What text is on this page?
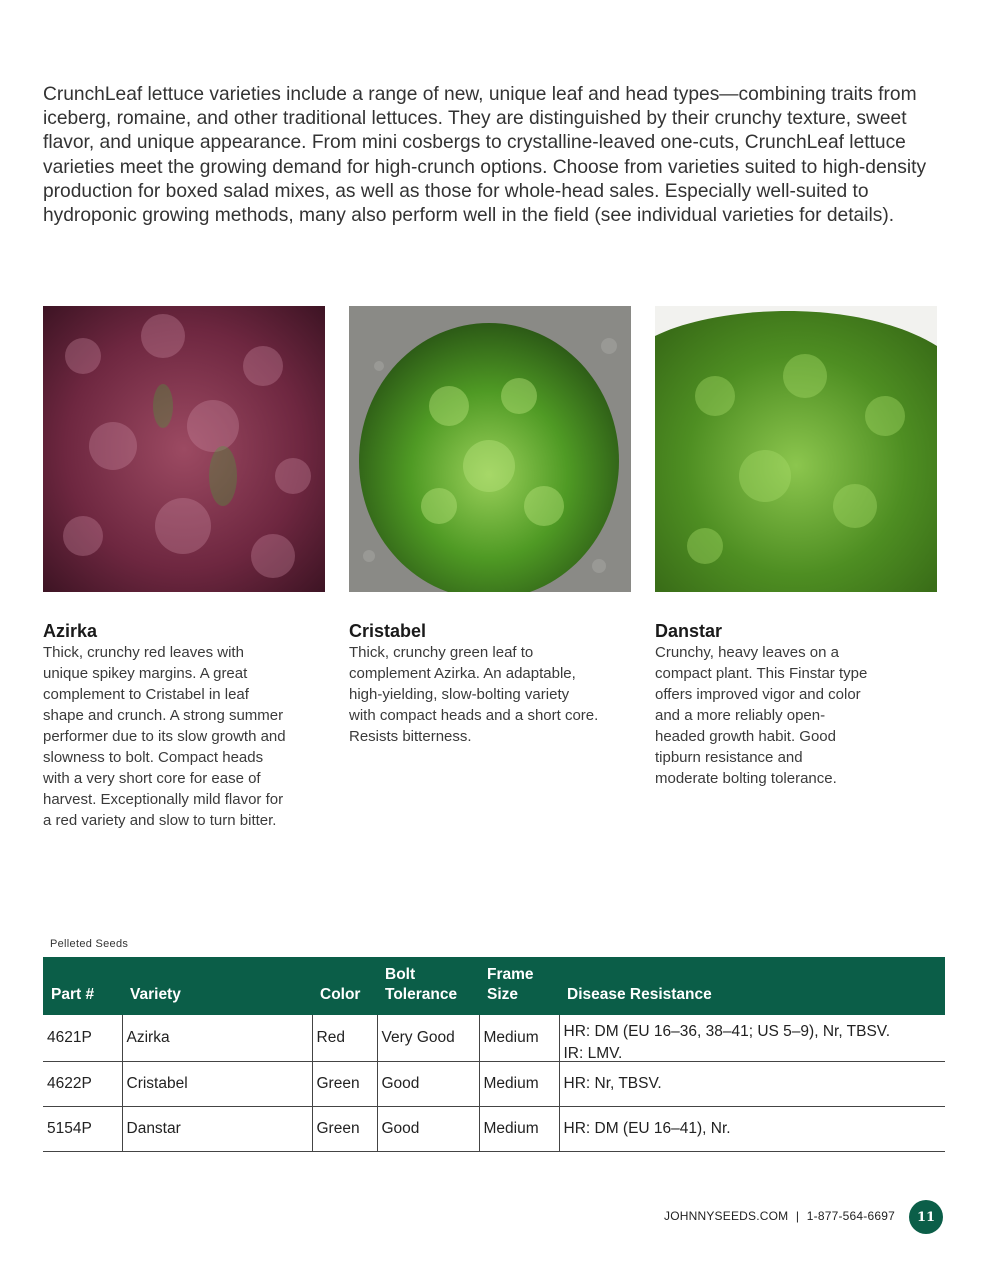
CrunchLeaf lettuce varieties include a range of new, unique leaf and head types—combining traits from iceberg, romaine, and other traditional lettuces. They are distinguished by their crunchy texture, sweet flavor, and unique appearance. From mini cosbergs to crystalline-leaved one-cuts, CrunchLeaf lettuce varieties meet the growing demand for high-crunch options. Choose from varieties suited to high-density production for boxed salad mixes, as well as those for whole-head sales. Especially well-suited to hydroponic growing methods, many also perform well in the field (see individual varieties for details).

Azirka

Thick, crunchy red leaves with unique spikey margins. A great complement to Cristabel in leaf shape and crunch. A strong summer performer due to its slow growth and slowness to bolt. Compact heads with a very short core for ease of harvest. Exceptionally mild flavor for a red variety and slow to turn bitter.

Cristabel

Thick, crunchy green leaf to complement Azirka. An adaptable, high-yielding, slow-bolting variety with compact heads and a short core. Resists bitterness.

Danstar

Crunchy, heavy leaves on a compact plant. This Finstar type offers improved vigor and color and a more reliably open-headed growth habit. Good tipburn resistance and moderate bolting tolerance.

Pelleted Seeds
Part #	Variety	Color	Bolt Tolerance	Frame Size	Disease Resistance
4621P	Azirka	Red	Very Good	Medium	HR: DM (EU 16–36, 38–41; US 5–9), Nr, TBSV.
IR: LMV.

4622P	Cristabel	Green	Good	Medium	HR: Nr, TBSV.
5154P	Danstar	Green	Good	Medium	HR: DM (EU 16–41), Nr.
JOHNNYSEEDS.COM | 1-877-564-6697	11
